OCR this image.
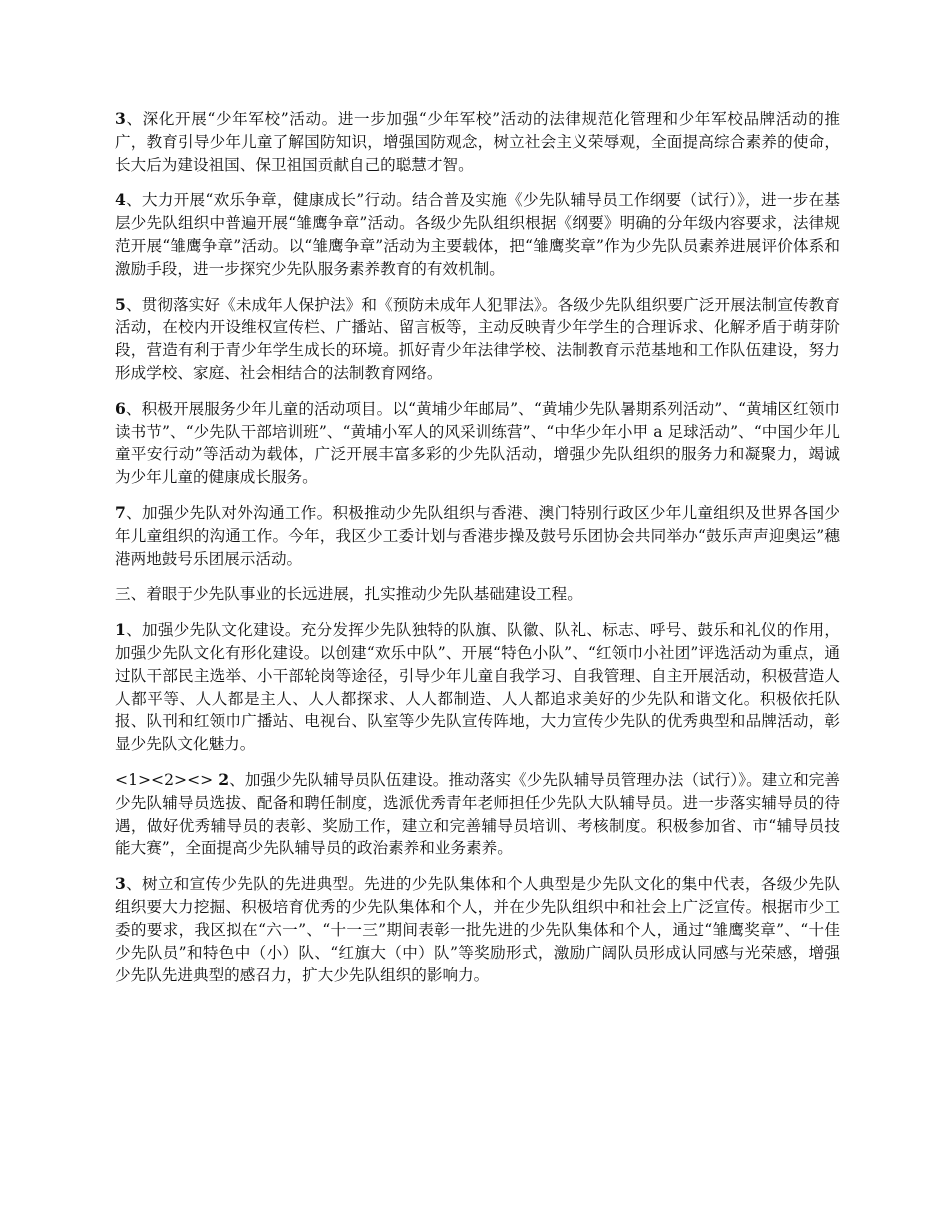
3、深化开展“少年军校”活动。进一步加强“少年军校”活动的法律规范化管理和少年军校品牌活动的推广，教育引导少年儿童了解国防知识，增强国防观念，树立社会主义荣辱观，全面提高综合素养的使命，长大后为建设祖国、保卫祖国贡献自己的聪慧才智。

4、大力开展“欢乐争章，健康成长”行动。结合普及实施《少先队辅导员工作纲要（试行）》，进一步在基层少先队组织中普遍开展“雏鹰争章”活动。各级少先队组织根据《纲要》明确的分年级内容要求，法律规范开展“雏鹰争章”活动。以“雏鹰争章”活动为主要载体，把“雏鹰奖章”作为少先队员素养进展评价体系和激励手段，进一步探究少先队服务素养教育的有效机制。

5、贯彻落实好《未成年人保护法》和《预防未成年人犯罪法》。各级少先队组织要广泛开展法制宣传教育活动，在校内开设维权宣传栏、广播站、留言板等，主动反映青少年学生的合理诉求、化解矛盾于萌芽阶段，营造有利于青少年学生成长的环境。抓好青少年法律学校、法制教育示范基地和工作队伍建设，努力形成学校、家庭、社会相结合的法制教育网络。

6、积极开展服务少年儿童的活动项目。以“黄埔少年邮局”、“黄埔少先队暑期系列活动”、“黄埔区红领巾读书节”、“少先队干部培训班”、“黄埔小军人的风采训练营”、“中华少年小甲 a 足球活动”、“中国少年儿童平安行动”等活动为载体，广泛开展丰富多彩的少先队活动，增强少先队组织的服务力和凝聚力，竭诚为少年儿童的健康成长服务。

7、加强少先队对外沟通工作。积极推动少先队组织与香港、澳门特别行政区少年儿童组织及世界各国少年儿童组织的沟通工作。今年，我区少工委计划与香港步操及鼓号乐团协会共同举办“鼓乐声声迎奥运”穗港两地鼓号乐团展示活动。

三、着眼于少先队事业的长远进展，扎实推动少先队基础建设工程。

1、加强少先队文化建设。充分发挥少先队独特的队旗、队徽、队礼、标志、呼号、鼓乐和礼仪的作用，加强少先队文化有形化建设。以创建“欢乐中队”、开展“特色小队”、“红领巾小社团”评选活动为重点，通过队干部民主选举、小干部轮岗等途径，引导少年儿童自我学习、自我管理、自主开展活动，积极营造人人都平等、人人都是主人、人人都探求、人人都制造、人人都追求美好的少先队和谐文化。积极依托队报、队刊和红领巾广播站、电视台、队室等少先队宣传阵地，大力宣传少先队的优秀典型和品牌活动，彰显少先队文化魅力。

<1><2><> 2、加强少先队辅导员队伍建设。推动落实《少先队辅导员管理办法（试行）》。建立和完善少先队辅导员选拔、配备和聘任制度，选派优秀青年老师担任少先队大队辅导员。进一步落实辅导员的待遇，做好优秀辅导员的表彰、奖励工作，建立和完善辅导员培训、考核制度。积极参加省、市“辅导员技能大赛”，全面提高少先队辅导员的政治素养和业务素养。

3、树立和宣传少先队的先进典型。先进的少先队集体和个人典型是少先队文化的集中代表，各级少先队组织要大力挖掘、积极培育优秀的少先队集体和个人，并在少先队组织中和社会上广泛宣传。根据市少工委的要求，我区拟在“六一”、“十一三”期间表彰一批先进的少先队集体和个人，通过“雏鹰奖章”、“十佳少先队员”和特色中（小）队、“红旗大（中）队”等奖励形式，激励广阔队员形成认同感与光荣感，增强少先队先进典型的感召力，扩大少先队组织的影响力。
